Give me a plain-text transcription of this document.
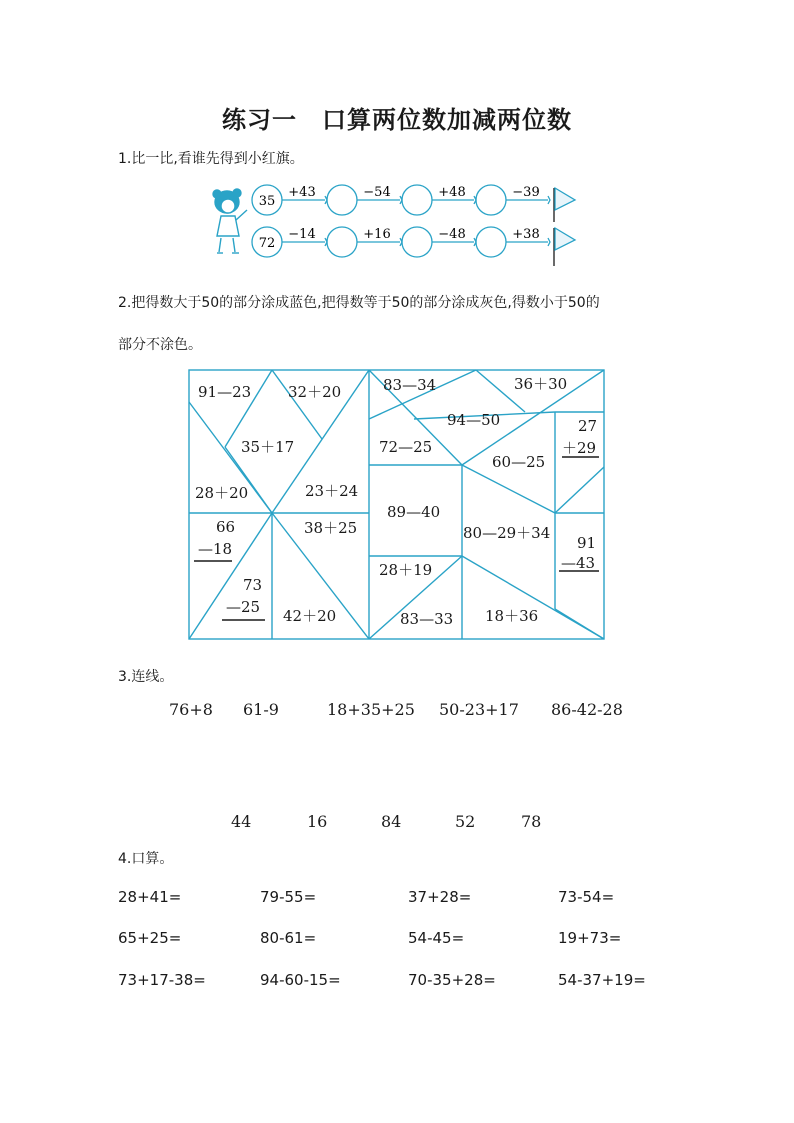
练习一　口算两位数加减两位数
1.比一比,看谁先得到小红旗。
35
+43	−54	+48	−39
72
−14	+16	−48	+38
2.把得数大于50的部分涂成蓝色,把得数等于50的部分涂成灰色,得数小于50的
部分不涂色。
91—23 32＋20
35＋17
28＋20	23＋24
66
—18
73
—25
38＋25
42＋20
83—34	36＋30
94—50
72—25
60—25
27
＋29
89—40
80—29＋34
91
—43
28＋19
83—33 18＋36
3.连线。
76+8 61-9	18+35+25 50-23+17 86-42-28
44	16	84	52	78
4.口算。
28+41=	79-55=	37+28=	73-54=
65+25=	80-61=	54-45=	19+73=
73+17-38=	94-60-15=	70-35+28=	54-37+19=
